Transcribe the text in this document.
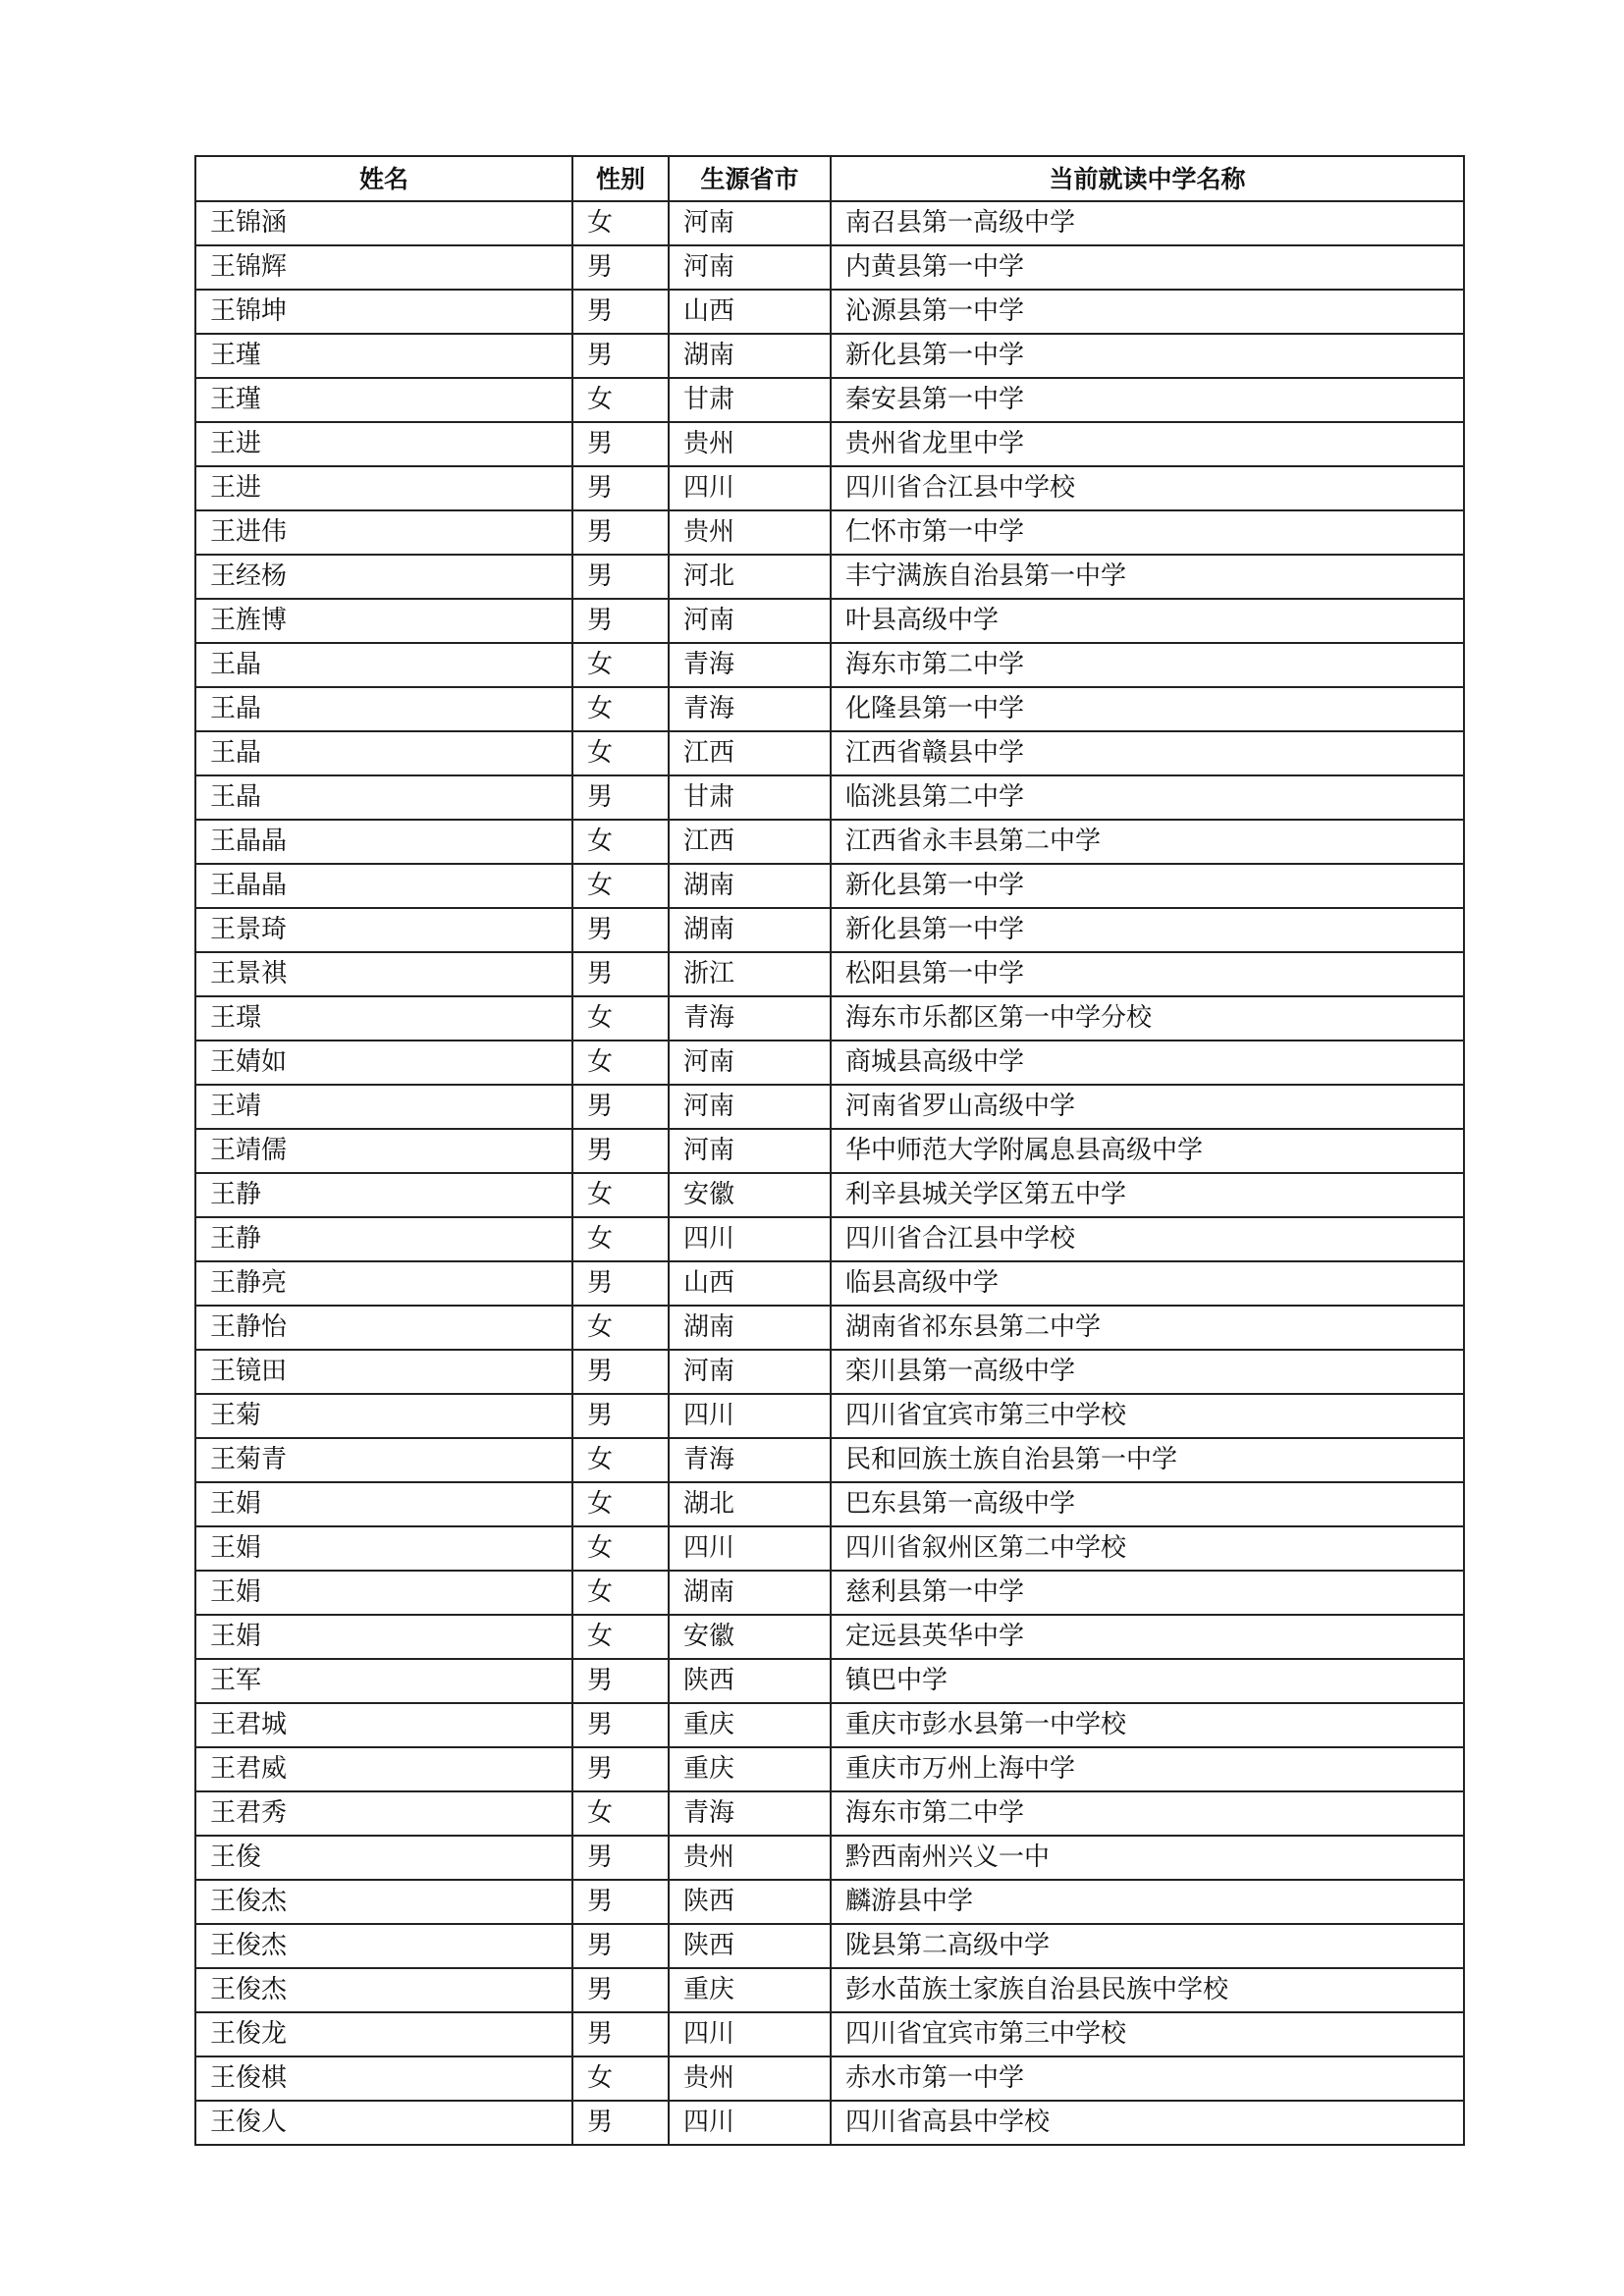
姓名	性别	生源省市	当前就读中学名称
王锦涵	女	河南	南召县第一高级中学
王锦辉	男	河南	内黄县第一中学
王锦坤	男	山西	沁源县第一中学
王瑾	男	湖南	新化县第一中学
王瑾	女	甘肃	秦安县第一中学
王进	男	贵州	贵州省龙里中学
王进	男	四川	四川省合江县中学校
王进伟	男	贵州	仁怀市第一中学
王经杨	男	河北	丰宁满族自治县第一中学
王旌博	男	河南	叶县高级中学
王晶	女	青海	海东市第二中学
王晶	女	青海	化隆县第一中学
王晶	女	江西	江西省赣县中学
王晶	男	甘肃	临洮县第二中学
王晶晶	女	江西	江西省永丰县第二中学
王晶晶	女	湖南	新化县第一中学
王景琦	男	湖南	新化县第一中学
王景祺	男	浙江	松阳县第一中学
王璟	女	青海	海东市乐都区第一中学分校
王婧如	女	河南	商城县高级中学
王靖	男	河南	河南省罗山高级中学
王靖儒	男	河南	华中师范大学附属息县高级中学
王静	女	安徽	利辛县城关学区第五中学
王静	女	四川	四川省合江县中学校
王静亮	男	山西	临县高级中学
王静怡	女	湖南	湖南省祁东县第二中学
王镜田	男	河南	栾川县第一高级中学
王菊	男	四川	四川省宜宾市第三中学校
王菊青	女	青海	民和回族土族自治县第一中学
王娟	女	湖北	巴东县第一高级中学
王娟	女	四川	四川省叙州区第二中学校
王娟	女	湖南	慈利县第一中学
王娟	女	安徽	定远县英华中学
王军	男	陕西	镇巴中学
王君城	男	重庆	重庆市彭水县第一中学校
王君威	男	重庆	重庆市万州上海中学
王君秀	女	青海	海东市第二中学
王俊	男	贵州	黔西南州兴义一中
王俊杰	男	陕西	麟游县中学
王俊杰	男	陕西	陇县第二高级中学
王俊杰	男	重庆	彭水苗族土家族自治县民族中学校
王俊龙	男	四川	四川省宜宾市第三中学校
王俊棋	女	贵州	赤水市第一中学
王俊人	男	四川	四川省高县中学校
